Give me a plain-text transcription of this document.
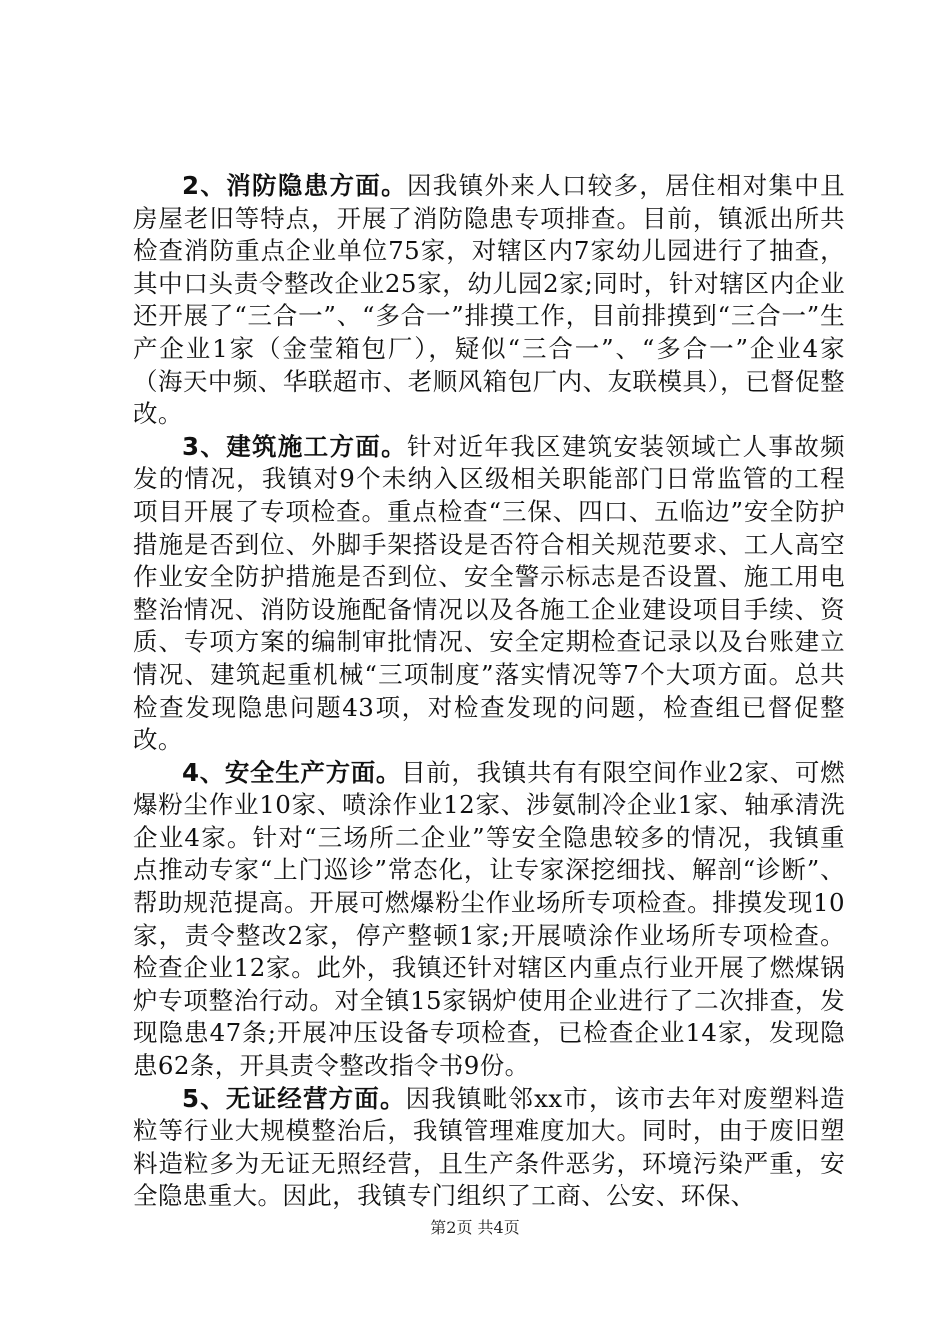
2、消防隐患方面。因我镇外来人口较多，居住相对集中且房屋老旧等特点，开展了消防隐患专项排查。目前，镇派出所共检查消防重点企业单位75家，对辖区内7家幼儿园进行了抽查，其中口头责令整改企业25家，幼儿园2家;同时，针对辖区内企业还开展了“三合一”、“多合一”排摸工作，目前排摸到“三合一”生产企业1家（金莹箱包厂），疑似“三合一”、“多合一”企业4家（海天中频、华联超市、老顺风箱包厂内、友联模具），已督促整改。

3、建筑施工方面。针对近年我区建筑安装领域亡人事故频发的情况，我镇对9个未纳入区级相关职能部门日常监管的工程项目开展了专项检查。重点检查“三保、四口、五临边”安全防护措施是否到位、外脚手架搭设是否符合相关规范要求、工人高空作业安全防护措施是否到位、安全警示标志是否设置、施工用电整治情况、消防设施配备情况以及各施工企业建设项目手续、资质、专项方案的编制审批情况、安全定期检查记录以及台账建立情况、建筑起重机械“三项制度”落实情况等7个大项方面。总共检查发现隐患问题43项，对检查发现的问题，检查组已督促整改。

4、安全生产方面。目前，我镇共有有限空间作业2家、可燃爆粉尘作业10家、喷涂作业12家、涉氨制冷企业1家、轴承清洗企业4家。针对“三场所二企业”等安全隐患较多的情况，我镇重点推动专家“上门巡诊”常态化，让专家深挖细找、解剖“诊断”、帮助规范提高。开展可燃爆粉尘作业场所专项检查。排摸发现10家，责令整改2家，停产整顿1家;开展喷涂作业场所专项检查。检查企业12家。此外，我镇还针对辖区内重点行业开展了燃煤锅炉专项整治行动。对全镇15家锅炉使用企业进行了二次排查，发现隐患47条;开展冲压设备专项检查，已检查企业14家，发现隐患62条，开具责令整改指令书9份。

5、无证经营方面。因我镇毗邻xx市，该市去年对废塑料造粒等行业大规模整治后，我镇管理难度加大。同时，由于废旧塑料造粒多为无证无照经营，且生产条件恶劣，环境污染严重，安全隐患重大。因此，我镇专门组织了工商、公安、环保、

第2页 共4页
